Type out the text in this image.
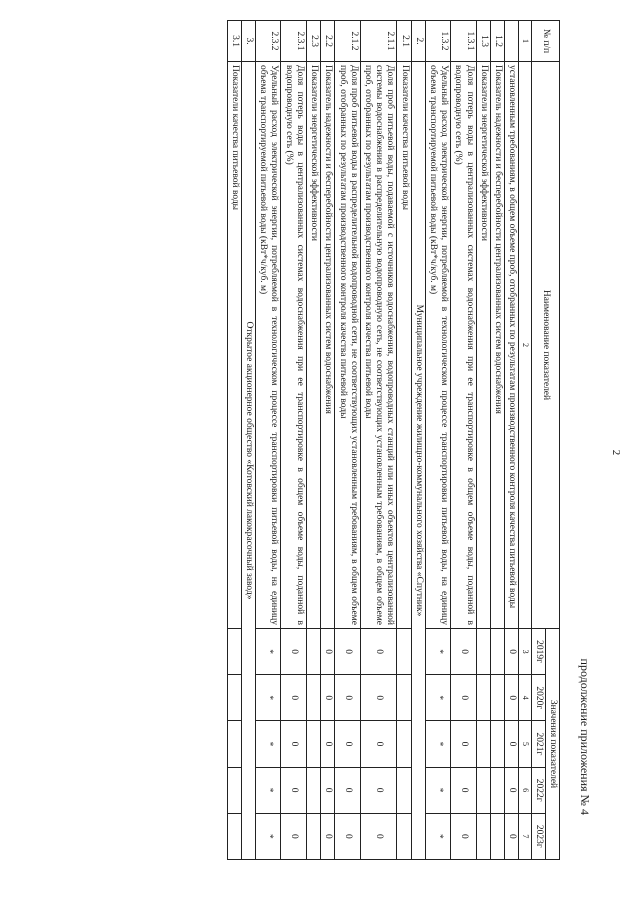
2
продолжение приложения № 4
№ п/п	Наименование показателей	Значения показателей				
		2019г	2020г	2021г	2022г	2023г
1	2	3	4	5	6	7
	установленным требованиям, в общем объеме проб, отобранных по результатам производственного контроля качества питьевой воды	0	0	0	0	0
1.2	Показатель надежности и бесперебойности централизованных систем водоснабжения					
1.3	Показатели энергетической эффективности					
1.3.1	Доля потерь воды в централизованных системах водоснабжения при ее транспортировке в общем объеме воды, поданной в водопроводную сеть (%)	0	0	0	0	0
1.3.2	Удельный расход электрической энергии, потребляемой в технологическом процессе транспортировки питьевой воды, на единицу объема транспортируемой питьевой воды (кВт*ч/куб. м)	*	*	*	*	*
2.	Муниципальное учреждение жилищно-коммунального хозяйства «Спутник»					
2.1	Показатели качества питьевой воды					
2.1.1	Доля проб питьевой воды, подаваемой с источников водоснабжения, водопроводных станций или иных объектов централизованной системы водоснабжения в распределительную водопроводную сеть, не соответствующих установленным требованиям, в общем объеме проб, отобранных по результатам производственного контроля качества питьевой воды	0	0	0	0	0
2.1.2	Доля проб питьевой воды в распределительной водопроводной сети, не соответствующих установленным требованиям, в общем объеме проб, отобранных по результатам производственного контроля качества питьевой воды	0	0	0	0	0
2.2	Показатель надежности и бесперебойности централизованных систем водоснабжения	0	0	0	0	0
2.3	Показатели энергетической эффективности					
2.3.1	Доля потерь воды в централизованных системах водоснабжения при ее транспортировке в общем объеме воды, поданной в водопроводную сеть (%)	0	0	0	0	0
2.3.2	Удельный расход электрической энергии, потребляемой в технологическом процессе транспортировки питьевой воды, на единицу объема транспортируемой питьевой воды (кВт*ч/куб. м)	*	*	*	*	*
3.	Открытое акционерное общество «Котовский лакокрасочный завод»					
3.1	Показатели качества питьевой воды					
